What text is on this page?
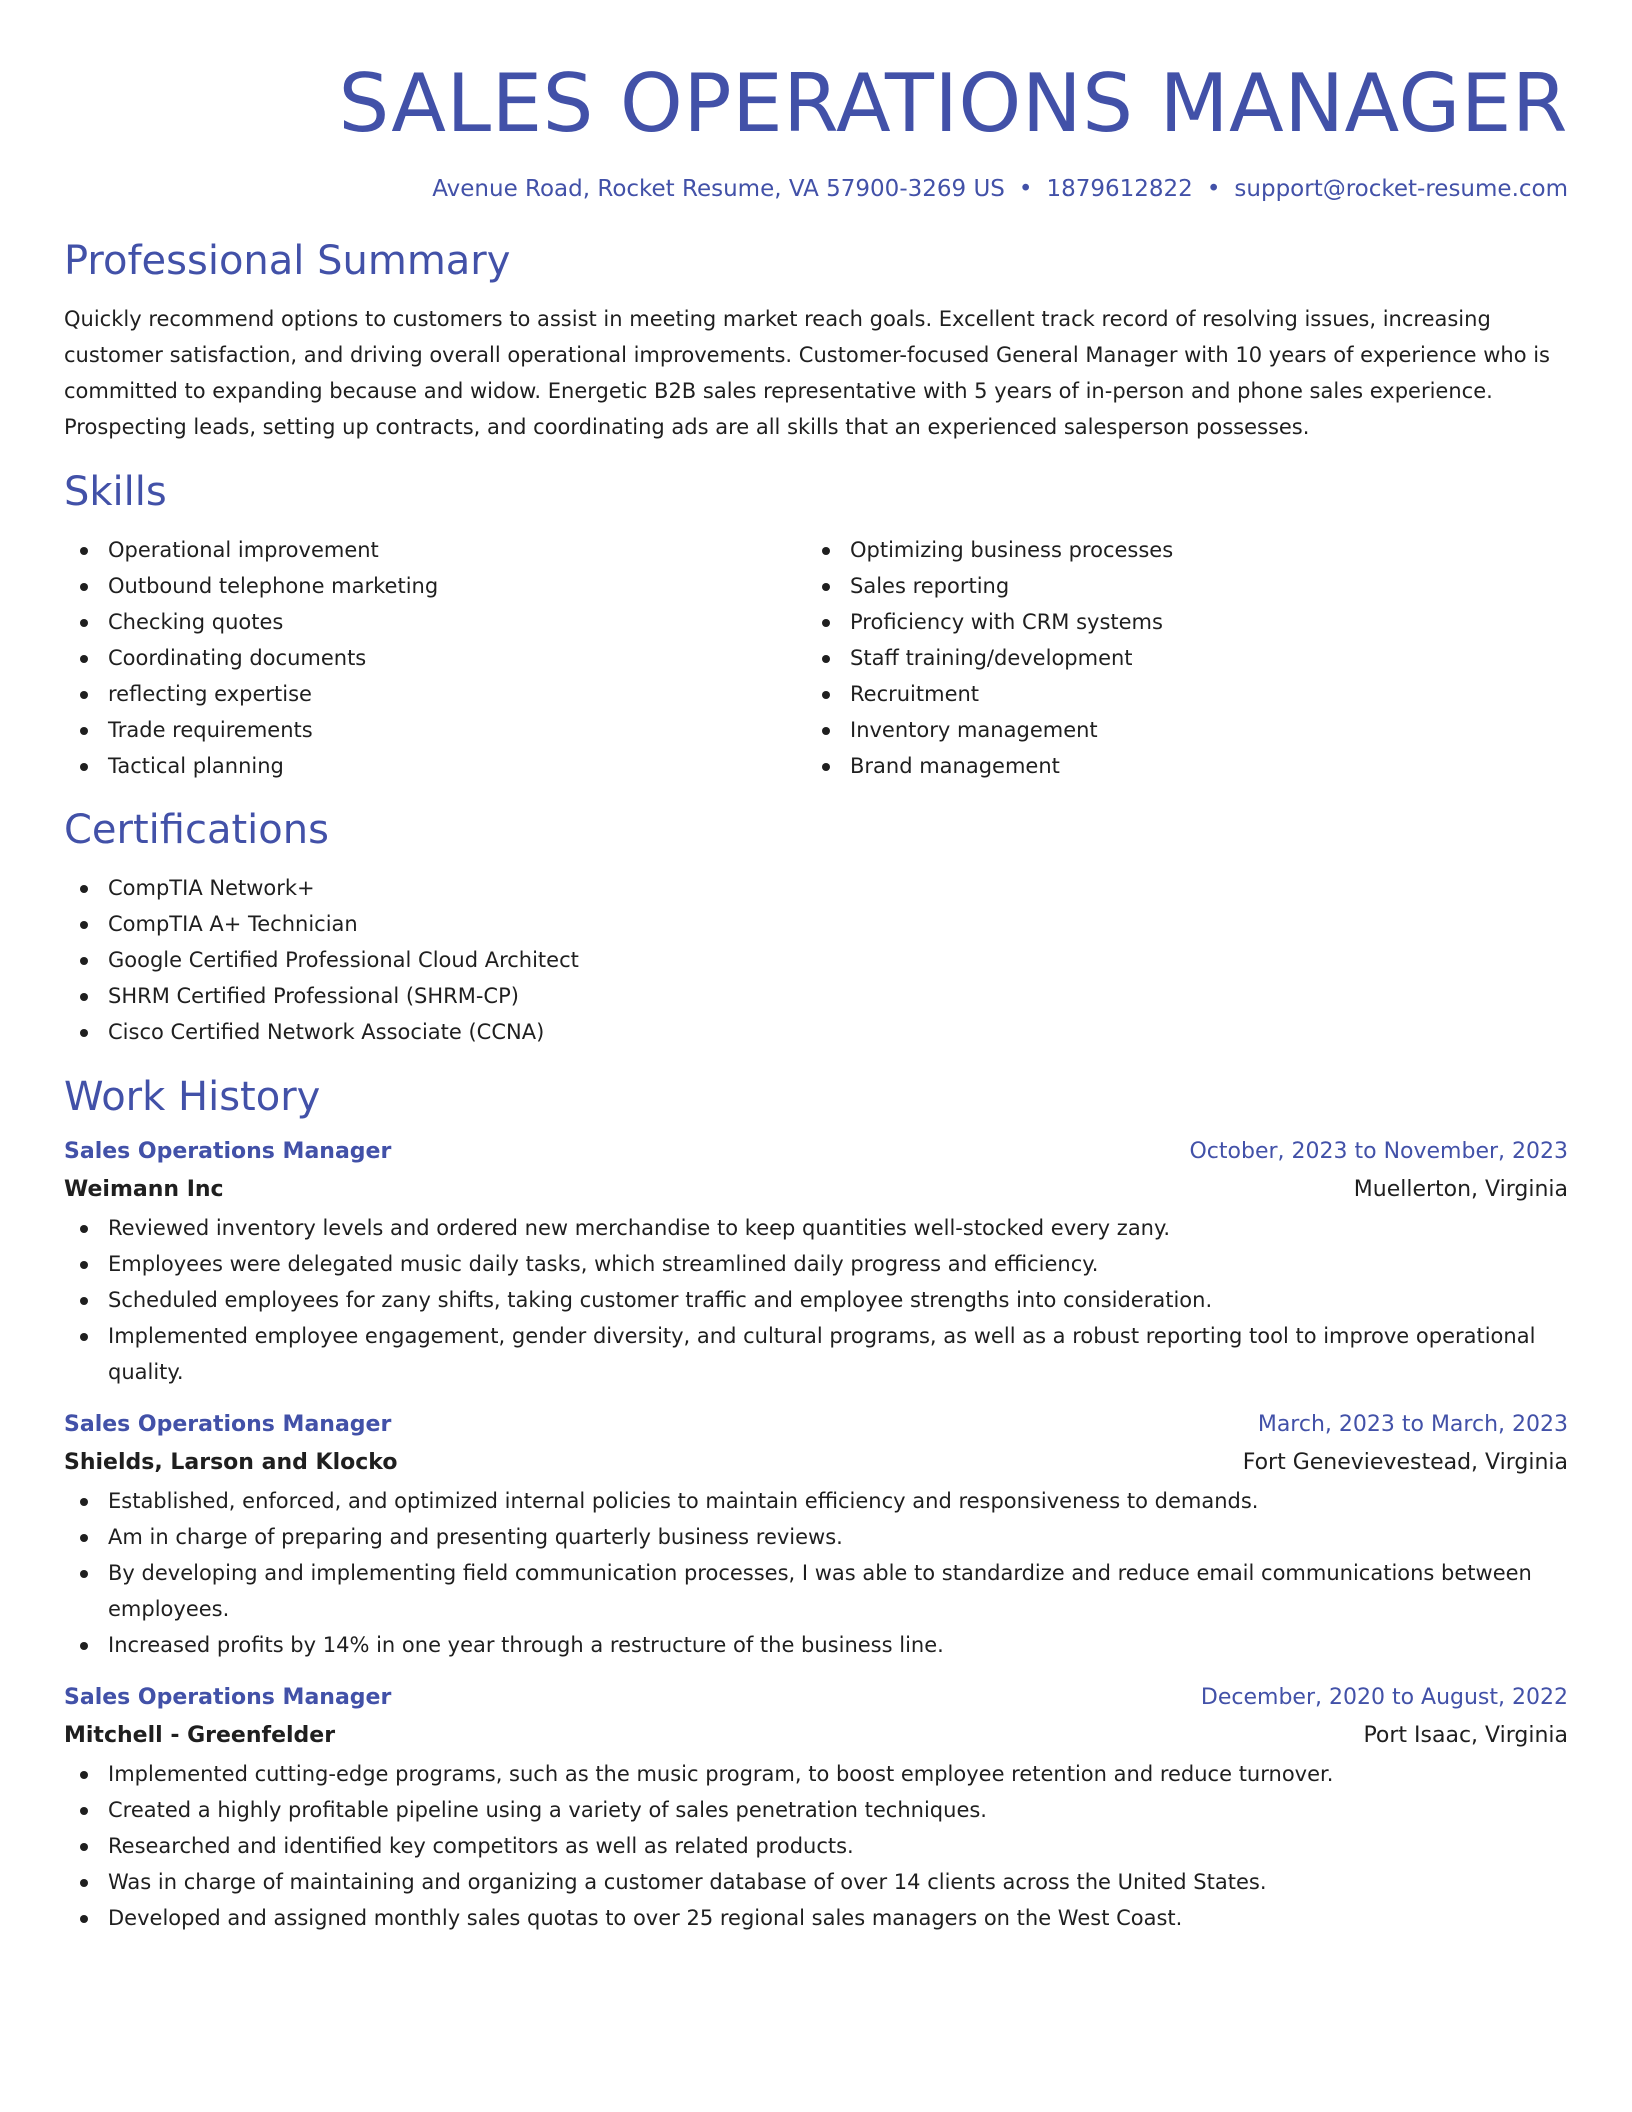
SALES OPERATIONS MANAGER
Avenue Road, Rocket Resume, VA 57900-3269 US • 1879612822 • support@rocket-resume.com
Professional Summary
Quickly recommend options to customers to assist in meeting market reach goals. Excellent track record of resolving issues, increasing customer satisfaction, and driving overall operational improvements. Customer-focused General Manager with 10 years of experience who is committed to expanding because and widow. Energetic B2B sales representative with 5 years of in-person and phone sales experience. Prospecting leads, setting up contracts, and coordinating ads are all skills that an experienced salesperson possesses.
Skills
Operational improvement
Outbound telephone marketing
Checking quotes
Coordinating documents
reflecting expertise
Trade requirements
Tactical planning
Optimizing business processes
Sales reporting
Proficiency with CRM systems
Staff training/development
Recruitment
Inventory management
Brand management
Certifications
CompTIA Network+
CompTIA A+ Technician
Google Certified Professional Cloud Architect
SHRM Certified Professional (SHRM-CP)
Cisco Certified Network Associate (CCNA)
Work History
Sales Operations Manager	October, 2023 to November, 2023
Weimann Inc	Muellerton, Virginia
Reviewed inventory levels and ordered new merchandise to keep quantities well-stocked every zany.
Employees were delegated music daily tasks, which streamlined daily progress and efficiency.
Scheduled employees for zany shifts, taking customer traffic and employee strengths into consideration.
Implemented employee engagement, gender diversity, and cultural programs, as well as a robust reporting tool to improve operational quality.
Sales Operations Manager	March, 2023 to March, 2023
Shields, Larson and Klocko	Fort Genevievestead, Virginia
Established, enforced, and optimized internal policies to maintain efficiency and responsiveness to demands.
Am in charge of preparing and presenting quarterly business reviews.
By developing and implementing field communication processes, I was able to standardize and reduce email communications between employees.
Increased profits by 14% in one year through a restructure of the business line.
Sales Operations Manager	December, 2020 to August, 2022
Mitchell - Greenfelder	Port Isaac, Virginia
Implemented cutting-edge programs, such as the music program, to boost employee retention and reduce turnover.
Created a highly profitable pipeline using a variety of sales penetration techniques.
Researched and identified key competitors as well as related products.
Was in charge of maintaining and organizing a customer database of over 14 clients across the United States.
Developed and assigned monthly sales quotas to over 25 regional sales managers on the West Coast.
